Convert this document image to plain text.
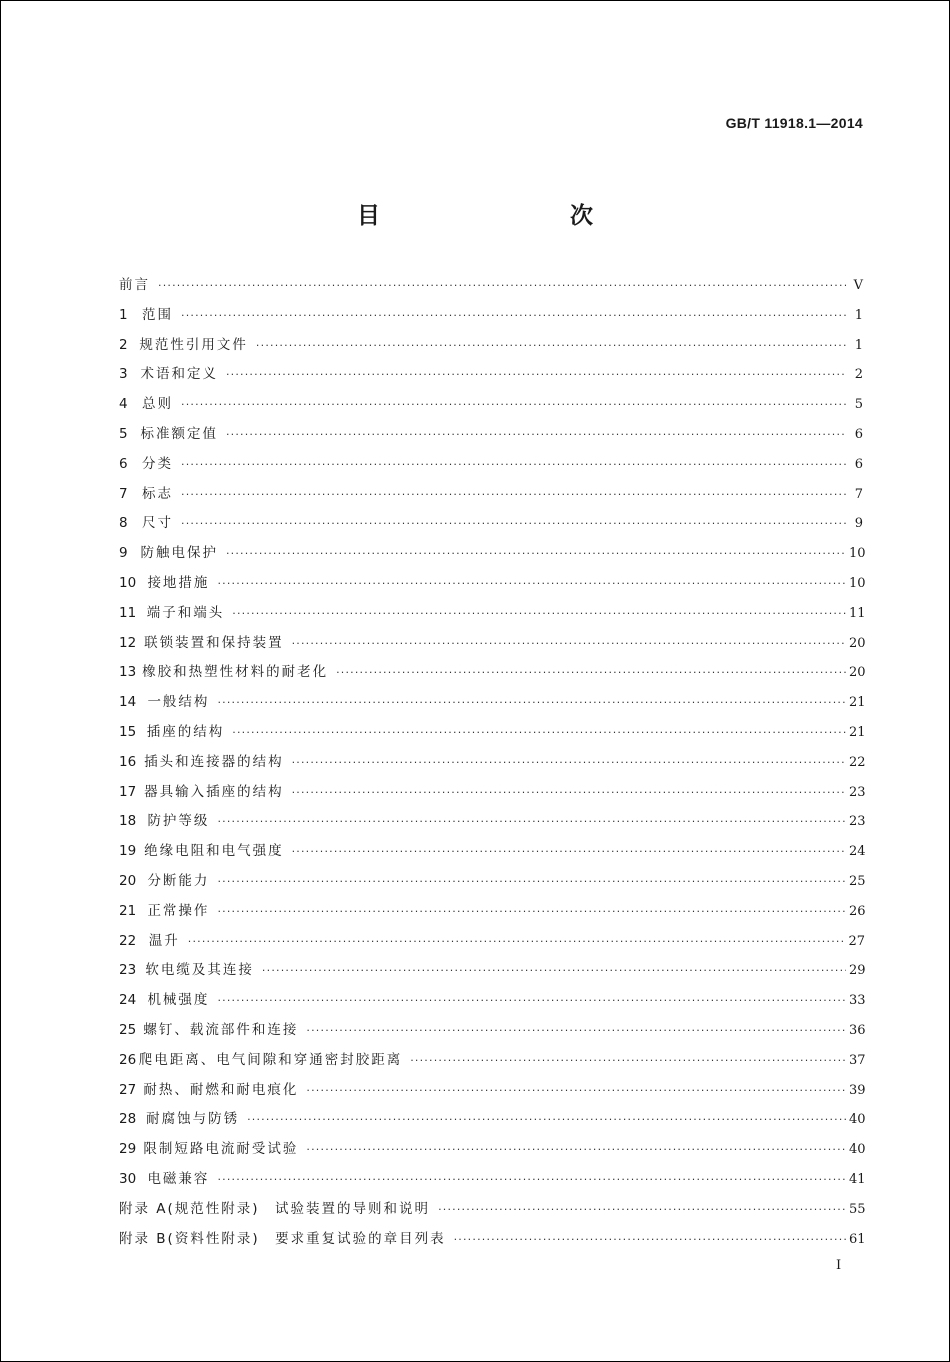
GB/T 11918.1—2014
目　　次
前言 ·····	V
1	范围 ·····	1
2 规范性引用文件 ·····	1
3 术语和定义 ·····	2
4	总则 ·····	5
5 标准额定值 ·····	6
6	分类 ·····	6
7	标志 ·····	7
8	尺寸 ·····	9
9 防触电保护 ·····	10
10 接地措施 ·····	10
11 端子和端头 ·····	11
12 联锁装置和保持装置 ·····	20
13 橡胶和热塑性材料的耐老化 ·····	20
14 一般结构 ·····	21
15 插座的结构 ·····	21
16 插头和连接器的结构 ·····	22
17 器具输入插座的结构 ·····	23
18 防护等级 ·····	23
19 绝缘电阻和电气强度 ·····	24
20 分断能力 ·····	25
21 正常操作 ·····	26
22 温升 ·····	27
23 软电缆及其连接 ·····	29
24 机械强度 ·····	33
25 螺钉、载流部件和连接 ·····	36
26 爬电距离、电气间隙和穿通密封胶距离 ·····	37
27 耐热、耐燃和耐电痕化 ·····	39
28 耐腐蚀与防锈 ·····	40
29 限制短路电流耐受试验 ·····	40
30 电磁兼容 ·····	41
附录 A(规范性附录)　试验装置的导则和说明 ·····	55
附录 B(资料性附录)　要求重复试验的章目列表 ·····	61
I
